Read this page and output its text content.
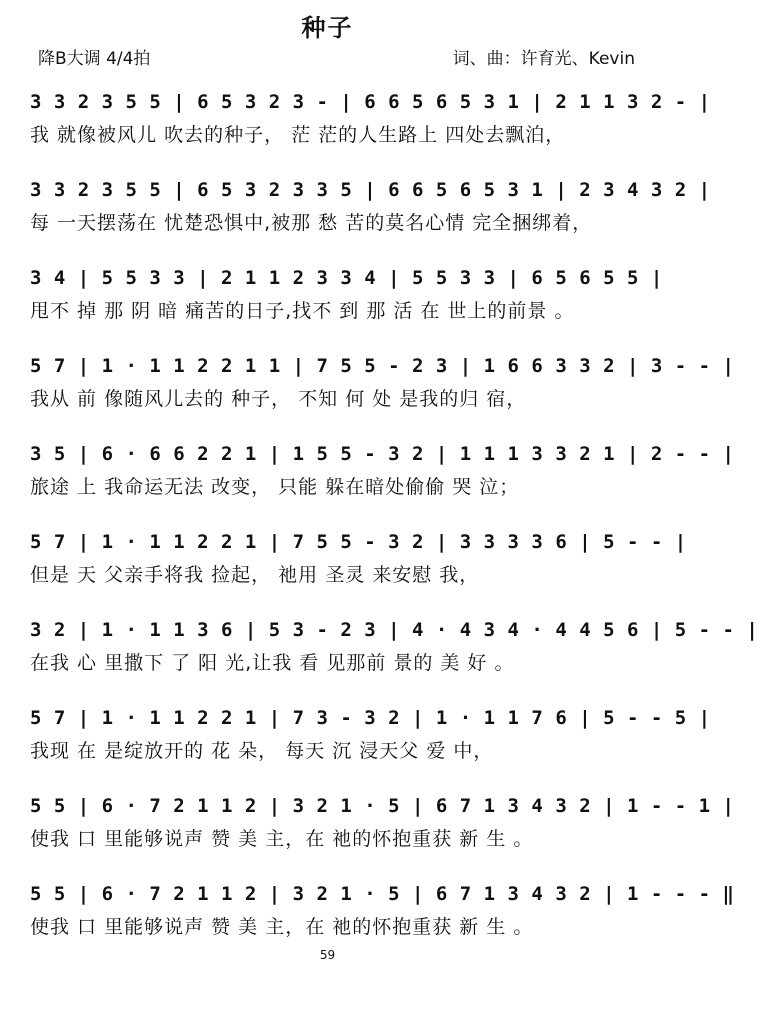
种子
降B大调 4/4拍	词、曲：许育光、Kevin
3 3 2 3 5 5 | 6 5 3 2 3 - | 6 6 5 6 5 3 1 | 2 1 1 3 2 - |
我 就像被风儿 吹去的种子， 茫 茫的人生路上 四处去飘泊，
3 3 2 3 5 5 | 6 5 3 2 3 3 5 | 6 6 5 6 5 3 1 | 2 3 4 3 2 |
每 一天摆荡在 忧楚恐惧中,被那 愁 苦的莫名心情 完全捆绑着，
3 4 | 5 5 3 3 | 2 1 1 2 3 3 4 | 5 5 3 3 | 6 5 6 5 5 |
甩不 掉 那 阴 暗 痛苦的日子,找不 到 那 活 在 世上的前景 。
5 7 | 1 · 1 1 2 2 1 1 | 7 5 5 - 2 3 | 1 6 6 3 3 2 | 3 - - |
我从 前 像随风儿去的 种子， 不知 何 处 是我的归 宿，
3 5 | 6 · 6 6 2 2 1 | 1 5 5 - 3 2 | 1 1 1 3 3 2 1 | 2 - - |
旅途 上 我命运无法 改变， 只能 躲在暗处偷偷 哭 泣；
5 7 | 1 · 1 1 2 2 1 | 7 5 5 - 3 2 | 3 3 3 3 6 | 5 - - |
但是 天 父亲手将我 捡起， 祂用 圣灵 来安慰 我，
3 2 | 1 · 1 1 3 6 | 5 3 - 2 3 | 4 · 4 3 4 · 4 4 5 6 | 5 - - |
在我 心 里撒下 了 阳 光,让我 看 见那前 景的 美 好 。
5 7 | 1 · 1 1 2 2 1 | 7 3 - 3 2 | 1 · 1 1 7 6 | 5 - - 5 |
我现 在 是绽放开的 花 朵， 每天 沉 浸天父 爱 中，
5 5 | 6 · 7 2 1 1 2 | 3 2 1 · 5 | 6 7 1 3 4 3 2 | 1 - - 1 |
使我 口 里能够说声 赞 美 主，在 祂的怀抱重获 新 生 。
5 5 | 6 · 7 2 1 1 2 | 3 2 1 · 5 | 6 7 1 3 4 3 2 | 1 - - - ‖
使我 口 里能够说声 赞 美 主，在 祂的怀抱重获 新 生 。
59
